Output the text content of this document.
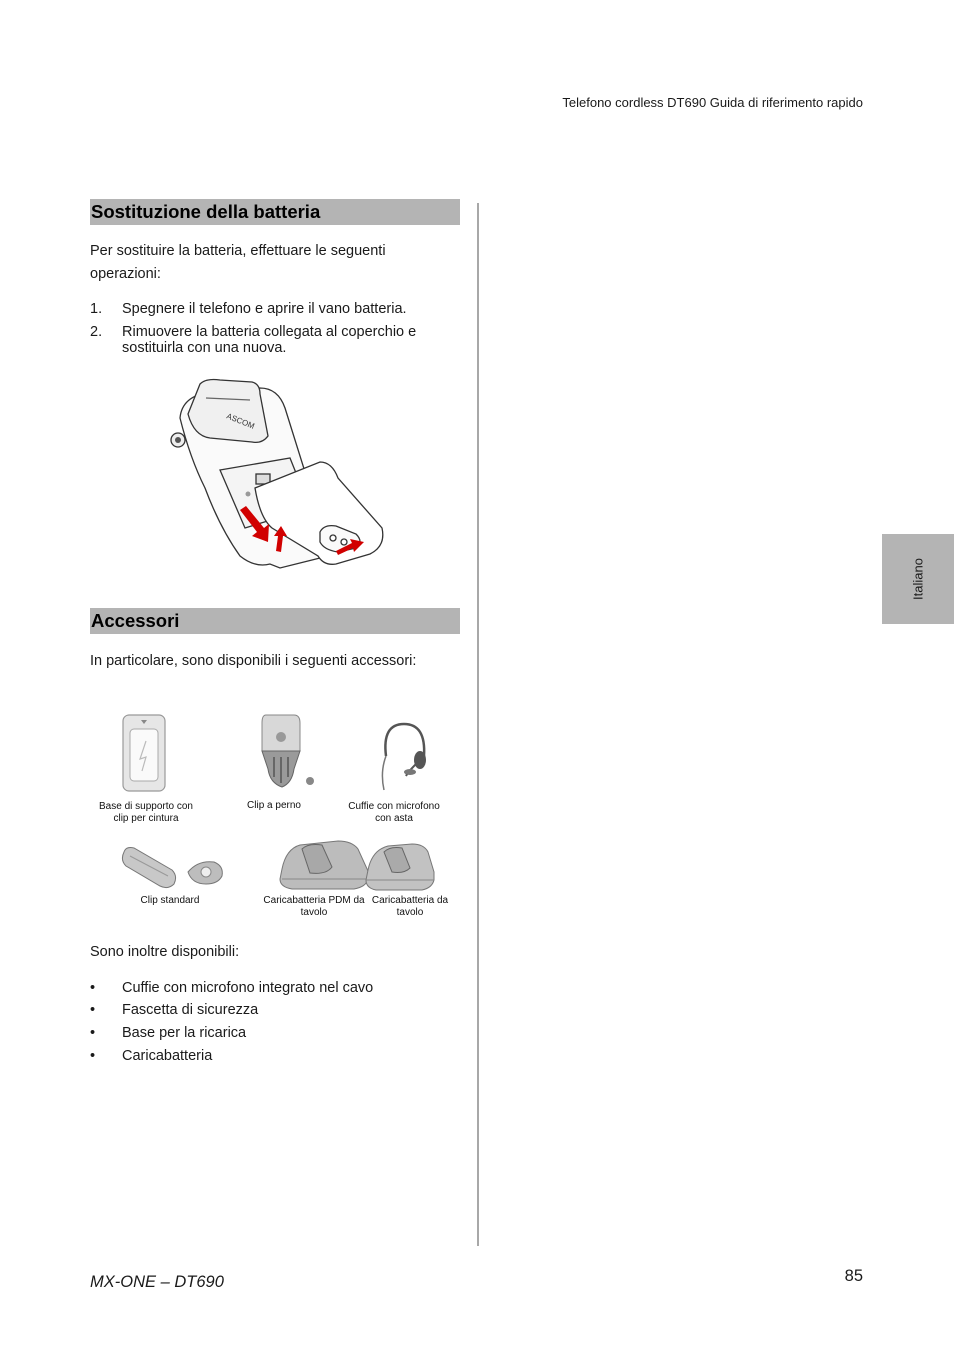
Telefono cordless DT690 Guida di riferimento rapido
Italiano
Sostituzione della batteria
Per sostituire la batteria, effettuare le seguenti operazioni:
1. Spegnere il telefono e aprire il vano batteria.
2. Rimuovere la batteria collegata al coperchio e sostituirla con una nuova.
ASCOM
Accessori
In particolare, sono disponibili i seguenti accessori:
Base di supporto con clip per cintura
Clip a perno	Cuffie con microfono con asta
Clip standard	Caricabatteria PDM da tavolo
Caricabatteria da tavolo
Sono inoltre disponibili:
• Cuffie con microfono integrato nel cavo
• Fascetta di sicurezza
• Base per la ricarica
• Caricabatteria
MX-ONE – DT690	85
